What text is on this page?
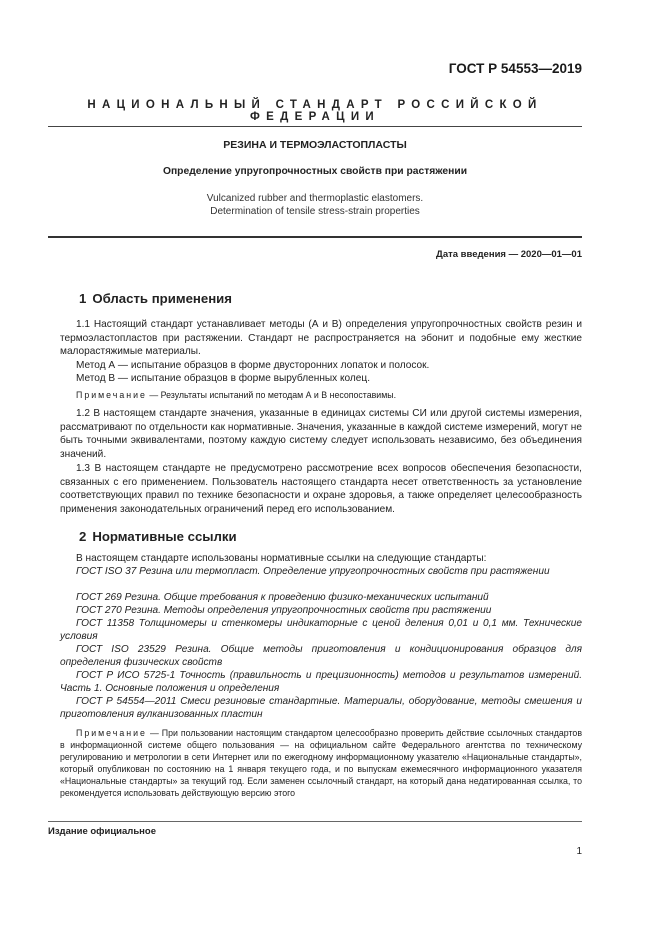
ГОСТ Р 54553—2019
НАЦИОНАЛЬНЫЙ СТАНДАРТ РОССИЙСКОЙ ФЕДЕРАЦИИ
РЕЗИНА И ТЕРМОЭЛАСТОПЛАСТЫ
Определение упругопрочностных свойств при растяжении
Vulcanized rubber and thermoplastic elastomers.
Determination of tensile stress-strain properties
Дата введения — 2020—01—01
1 Область применения
1.1 Настоящий стандарт устанавливает методы (А и В) определения упругопрочностных свойств резин и термоэластопластов при растяжении. Стандарт не распространяется на эбонит и подобные ему жесткие малорастяжимые материалы.
Метод А — испытание образцов в форме двусторонних лопаток и полосок.
Метод В — испытание образцов в форме вырубленных колец.
Примечание — Результаты испытаний по методам А и В несопоставимы.
1.2 В настоящем стандарте значения, указанные в единицах системы СИ или другой системы измерения, рассматривают по отдельности как нормативные. Значения, указанные в каждой системе измерений, могут не быть точными эквивалентами, поэтому каждую систему следует использовать независимо, без объединения значений.
1.3 В настоящем стандарте не предусмотрено рассмотрение всех вопросов обеспечения безопасности, связанных с его применением. Пользователь настоящего стандарта несет ответственность за установление соответствующих правил по технике безопасности и охране здоровья, а также определяет целесообразность применения законодательных ограничений перед его использованием.
2 Нормативные ссылки
В настоящем стандарте использованы нормативные ссылки на следующие стандарты:
ГОСТ ISO 37 Резина или термопласт. Определение упругопрочностных свойств при растяжении
ГОСТ 269 Резина. Общие требования к проведению физико-механических испытаний
ГОСТ 270 Резина. Методы определения упругопрочностных свойств при растяжении
ГОСТ 11358 Толщиномеры и стенкомеры индикаторные с ценой деления 0,01 и 0,1 мм. Технические условия
ГОСТ ISO 23529 Резина. Общие методы приготовления и кондиционирования образцов для определения физических свойств
ГОСТ Р ИСО 5725-1 Точность (правильность и прецизионность) методов и результатов измерений. Часть 1. Основные положения и определения
ГОСТ Р 54554—2011 Смеси резиновые стандартные. Материалы, оборудование, методы смешения и приготовления вулканизованных пластин
Примечание — При пользовании настоящим стандартом целесообразно проверить действие ссылочных стандартов в информационной системе общего пользования — на официальном сайте Федерального агентства по техническому регулированию и метрологии в сети Интернет или по ежегодному информационному указателю «Национальные стандарты», который опубликован по состоянию на 1 января текущего года, и по выпускам ежемесячного информационного указателя «Национальные стандарты» за текущий год. Если заменен ссылочный стандарт, на который дана недатированная ссылка, то рекомендуется использовать действующую версию этого
Издание официальное
1
